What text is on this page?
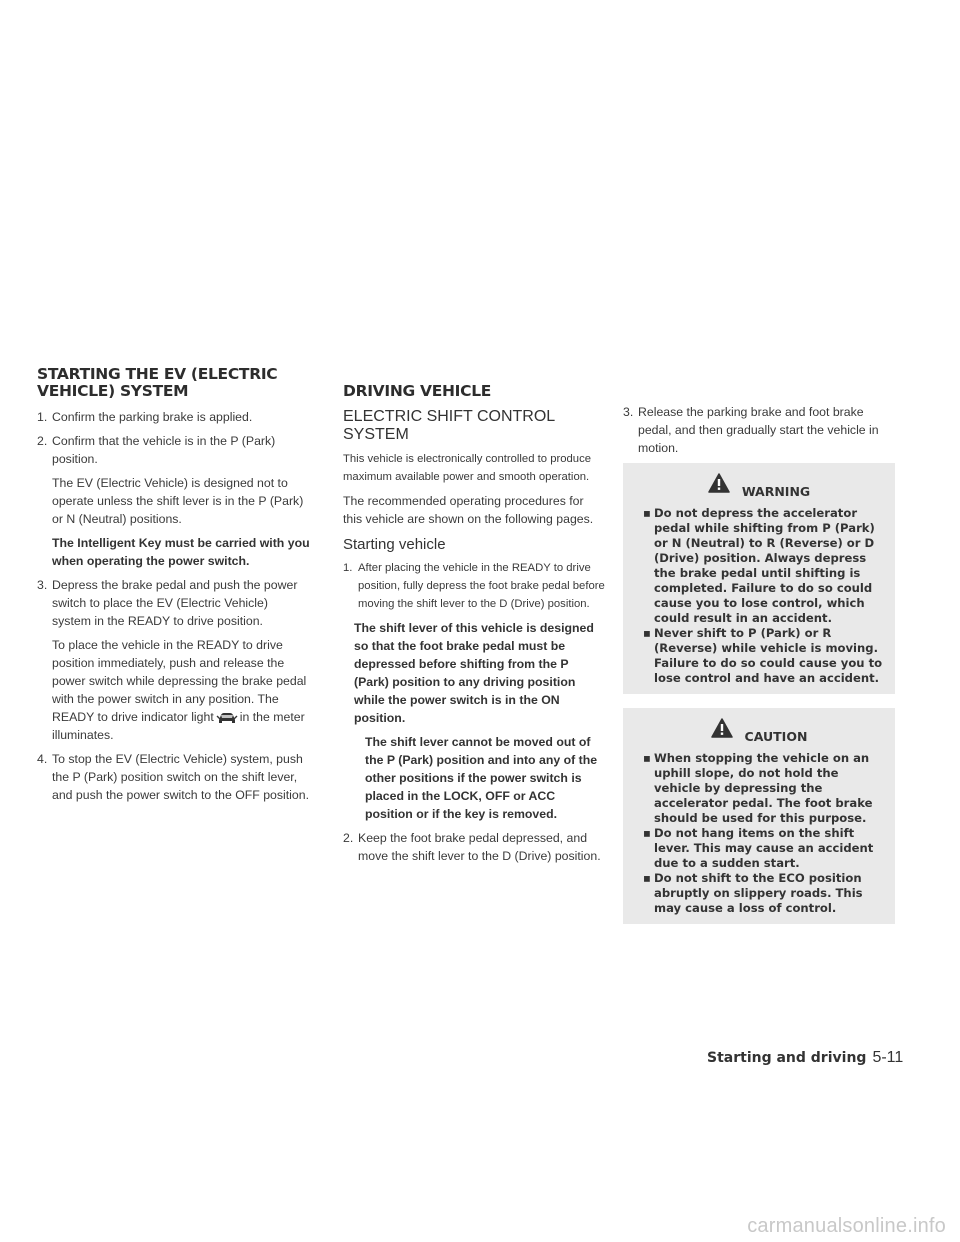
STARTING THE EV (ELECTRIC VEHICLE) SYSTEM

1. Confirm the parking brake is applied.

2. Confirm that the vehicle is in the P (Park) position.

The EV (Electric Vehicle) is designed not to operate unless the shift lever is in the P (Park) or N (Neutral) positions.

The Intelligent Key must be carried with you when operating the power switch.

3. Depress the brake pedal and push the power switch to place the EV (Electric Vehicle) system in the READY to drive position.

To place the vehicle in the READY to drive position immediately, push and release the power switch while depressing the brake pedal with the power switch in any position. The READY to drive indicator light in the meter illuminates.

4. To stop the EV (Electric Vehicle) system, push the P (Park) position switch on the shift lever, and push the power switch to the OFF position.

DRIVING VEHICLE
ELECTRIC SHIFT CONTROL SYSTEM

This vehicle is electronically controlled to produce maximum available power and smooth operation.

The recommended operating procedures for this vehicle are shown on the following pages.

Starting vehicle

1. After placing the vehicle in the READY to drive position, fully depress the foot brake pedal before moving the shift lever to the D (Drive) position.

The shift lever of this vehicle is designed so that the foot brake pedal must be depressed before shifting from the P (Park) position to any driving position while the power switch is in the ON position.

The shift lever cannot be moved out of the P (Park) position and into any of the other positions if the power switch is placed in the LOCK, OFF or ACC position or if the key is removed.

2. Keep the foot brake pedal depressed, and move the shift lever to the D (Drive) position.

3. Release the parking brake and foot brake pedal, and then gradually start the vehicle in motion.

$_{WARNING}$
▪ Do not depress the accelerator pedal while shifting from P (Park) or N (Neutral) to R (Reverse) or D (Drive) position. Always depress the brake pedal until shifting is completed. Failure to do so could cause you to lose control, which could result in an accident.
▪ Never shift to P (Park) or R (Reverse) while vehicle is moving. Failure to do so could cause you to lose control and have an accident.
$_{CAUTION}$
▪ When stopping the vehicle on an uphill slope, do not hold the vehicle by depressing the accelerator pedal. The foot brake should be used for this purpose.
▪ Do not hang items on the shift lever. This may cause an accident due to a sudden start.
▪ Do not shift to the ECO position abruptly on slippery roads. This may cause a loss of control.
Starting and driving 5-11
carmanualsonline.info
